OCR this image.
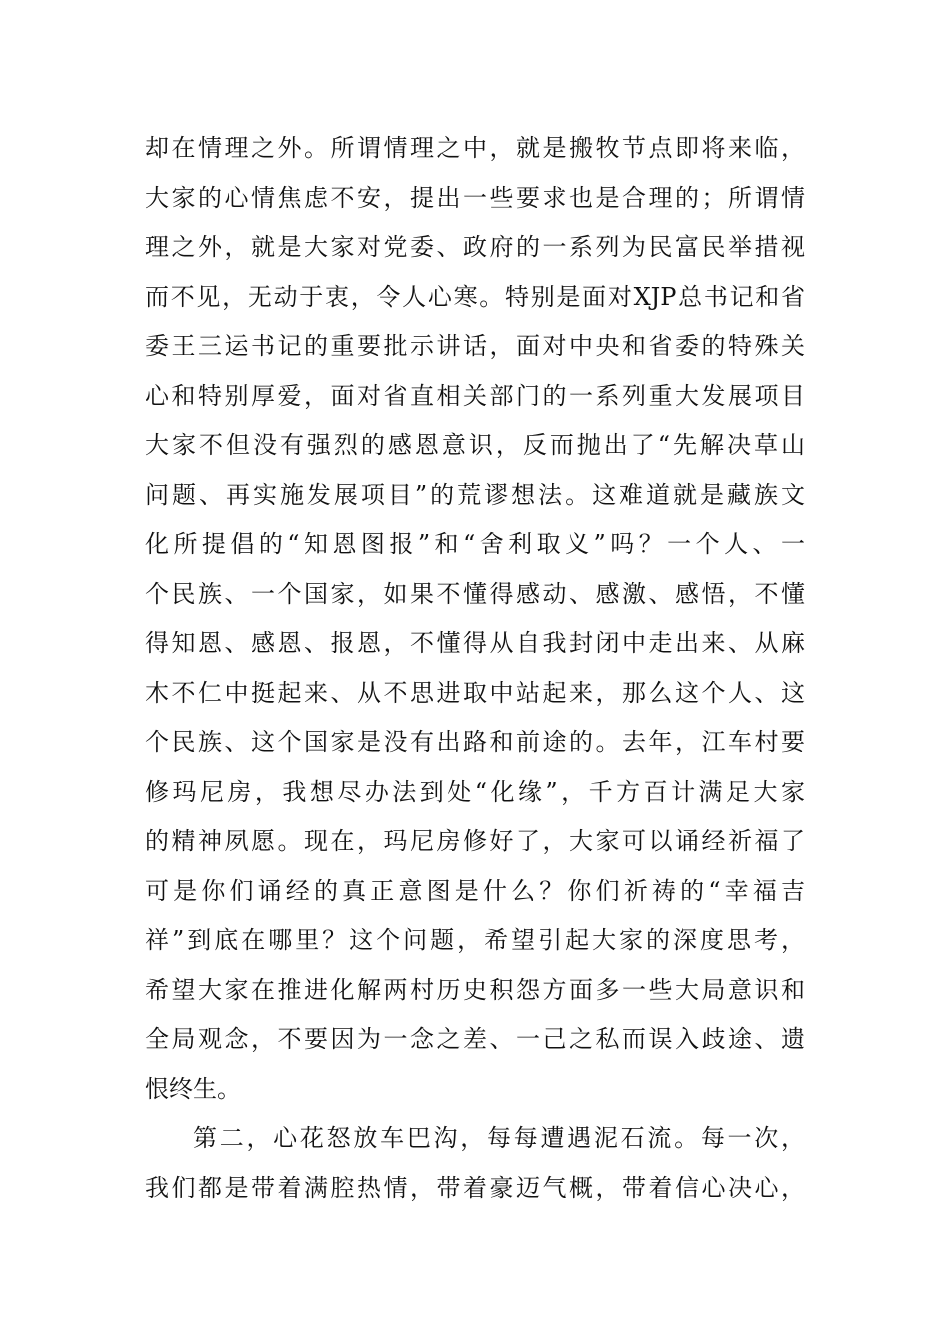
却在情理之外。所谓情理之中，就是搬牧节点即将来临，
大家的心情焦虑不安，提出一些要求也是合理的；所谓情
理之外，就是大家对党委、政府的一系列为民富民举措视
而不见，无动于衷，令人心寒。特别是面对XJP总书记和省
委王三运书记的重要批示讲话，面对中央和省委的特殊关
心和特别厚爱，面对省直相关部门的一系列重大发展项目
大家不但没有强烈的感恩意识，反而抛出了“先解决草山
问题、再实施发展项目”的荒谬想法。这难道就是藏族文
化所提倡的“知恩图报”和“舍利取义”吗？一个人、一
个民族、一个国家，如果不懂得感动、感激、感悟，不懂
得知恩、感恩、报恩，不懂得从自我封闭中走出来、从麻
木不仁中挺起来、从不思进取中站起来，那么这个人、这
个民族、这个国家是没有出路和前途的。去年，江车村要
修玛尼房，我想尽办法到处“化缘”，千方百计满足大家
的精神夙愿。现在，玛尼房修好了，大家可以诵经祈福了
可是你们诵经的真正意图是什么？你们祈祷的“幸福吉
祥”到底在哪里？这个问题，希望引起大家的深度思考，
希望大家在推进化解两村历史积怨方面多一些大局意识和
全局观念，不要因为一念之差、一己之私而误入歧途、遗
恨终生。
第二，心花怒放车巴沟，每每遭遇泥石流。每一次，
我们都是带着满腔热情，带着豪迈气概，带着信心决心，
